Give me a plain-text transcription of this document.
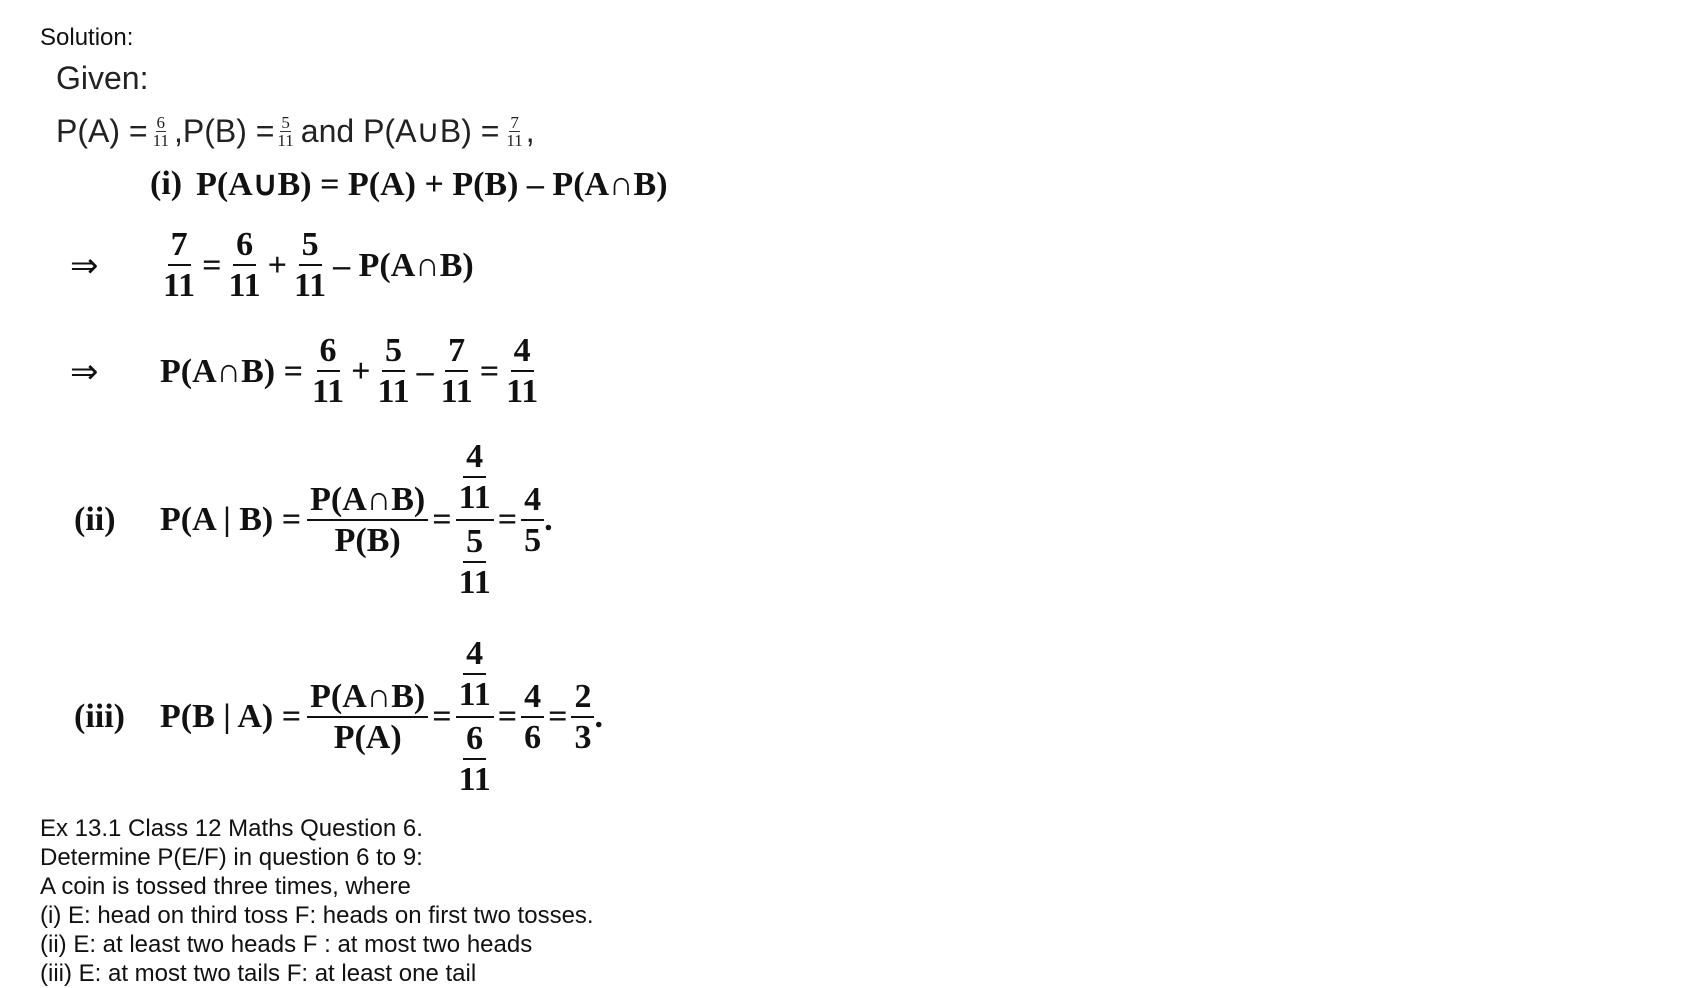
Solution:
Given:
$P(A) = \frac{6}{11}$ , $P(B) = \frac{5}{11}$ and P(A∪B) = $\frac{7}{11}$ ,
(i) P(A∪B) = P(A) + P(B) – P(A∩B)
⇒	$\frac{7}{11} = \frac{6}{11} + \frac{5}{11}$ – P(A∩B)
⇒	P(A∩B) = $\frac{6}{11} + \frac{5}{11} - \frac{7}{11} = \frac{4}{11}$
(ii)	P(A | $B) = \frac{P(A\cap B)}{P(B)} = \frac{\frac{4}{11}}{\frac{5}{11}} = \frac{4}{5}$ .
(iii)	P(B | $A) = \frac{P(A\cap B)}{P(A)} = \frac{\frac{4}{11}}{\frac{6}{11}} = \frac{4}{6} = \frac{2}{3}$ .
Ex 13.1 Class 12 Maths Question 6.
Determine P(E/F) in question 6 to 9:
A coin is tossed three times, where
(i) E: head on third toss F: heads on first two tosses.
(ii) E: at least two heads F : at most two heads
(iii) E: at most two tails F: at least one tail
